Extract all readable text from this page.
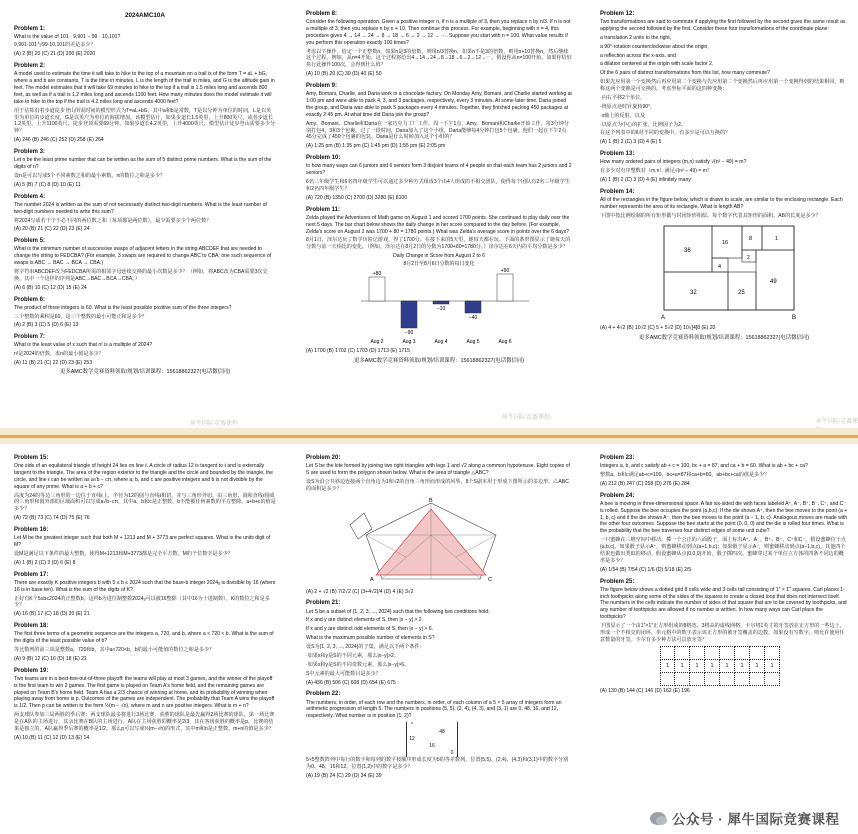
2024AMC10A
Problem 1:

What is the value of 101 · 9,901 − 99 · 10,101?

9,901·101与99·10,101的差是多少？

(A) 2 (B) 20 (C) 21 (D) 200 (E) 2020

Problem 2:

A model used to estimate the time it will take to hike to the top of a mountain on a trail is of the form T = aL + bG, where a and b are constants, T is the time in minutes, L is the length of the trail in miles, and G is the altitude gain in feet. The model estimates that it will take 69 minutes to hike to the top if a trail is 1.5 miles long and ascends 800 feet, as well as if a trail is 1.2 miles long and ascends 1100 feet. How many minutes does the model estimate it will take to hike to the top if the trail is 4.2 miles long and ascends 4000 feet?

用于估算沿着步道徒步登山所需时间的模型形式为T=aL+bG，其中a和b是常数，T是以分钟为单位的时间，L是以英里为单位的步道长度，G是以英尺为单位的海拔增加。该模型估计，如果步道长1.5英里，上升800英尺，或者步道长1.2英里，上升1100英尺，徒步登顶需要69分钟。如果步道长4.2英里，上升4000英尺，模型估计徒步登山需要多少分钟？

(A) 246 (B) 246 (C) 252 (D) 258 (E) 264

Problem 3:

Let n be the least prime number that can be written as the sum of 5 distinct prime numbers. What is the sum of the digits of n?

设n是可以写成5个不同素数之和的最小素数。n的数位之和是多少？

(A) 5 (B) 7 (C) 8 (D) 10 (E) 11

Problem 4:

The number 2024 is written as the sum of not necessarily distinct two-digit numbers. What is the least number of two-digit numbers needed to write this sum?

将2024写成若干个不必不同的两位数之和（每项都是两位数），最少需要多少个两位数？

(A) 20 (B) 21 (C) 22 (D) 23 (E) 24

Problem 5:

What is the minimum number of successive swaps of adjacent letters in the string ABCDEF that are needed to change the string to FEDCBA? (For example, 3 swaps are required to change ABC to CBA; one such sequence of swaps is ABC → BAC → BCA → CBA.)

将字符串ABCDEF改为FEDCBA所需的相邻字母连续交换的最小次数是多少？（例如，将ABC改为CBA需要3次交换，其中一个这样的序列是ABC→BAC→BCA→CBA。）

(A) 6 (B) 10 (C) 12 (D) 15 (E) 24

Problem 6:

The product of three integers is 60. What is the least possible positive sum of the three integers?

三个整数的乘积是60，这三个整数的最小可能正和是多少？

(A) 2 (B) 3 (C) 5 (D) 6 (E) 13

Problem 7:

What is the least value of x such that n! is a multiple of 2024?

n!是2024的倍数，求n的最小值是多少？

(A) 11 (B) 21 (C) 22 (D) 23 (E) 253

更多AMC数学竞赛资料领取/规划/培训课程：15618862327(电话微信同)
犀牛国际竞赛课程
Problem 8:

Consider the following operation. Given a positive integer n, if n is a multiple of 3, then you replace n by n/3. If n is not a multiple of 3, then you replace n by n + 10. Then continue this process. For example, beginning with n = 4, this procedure gives 4 → 14 → 24 → 8 → 18 → 6 → 2 → 12 → ⋯. Suppose you start with n = 100. What value results if you perform this operation exactly 100 times?

考虑以下操作。给定一个正整数n，如果n是3的倍数，则用n/3替换n。如果n不是3的倍数，则用n+10替换n。然后继续这个过程。例如，从n=4开始，这个过程将给出4→14→24→8→18→6→2→12→⋯。假设你从n=100开始。如果你恰好执行此操作100次，会得到什么值？

(A) 10 (B) 20 (C) 30 (D) 40 (E) 50

Problem 9:

Amy, Bomani, Charlie, and Daria work in a chocolate factory. On Monday Amy, Bomani, and Charlie started working at 1:00 pm and were able to pack 4, 3, and 3 packages, respectively, every 3 minutes. At some later time, Daria joined the group, and Daria was able to pack 5 packages every 4 minutes. Together, they finished packing 450 packages at exactly 2:45 pm. At what time did Daria join the group?

Amy、Bomani、Charlie和Daria在一家巧克力工厂工作。周一下午1点，Amy、Bomani和Charlie开始工作，每3分钟分别打包4、3和3个包裹。过了一段时间，Daria加入了这个小组，Daria能够每4分钟打包5个包裹。他们一起在下午2点45分完成了450个包裹的包装。Daria是什么时候加入这个小组的？

(A) 1:25 pm (B) 1:35 pm (C) 1:45 pm (D) 1:55 pm (E) 2:05 pm

Problem 10:

In how many ways can 6 juniors and 6 seniors form 3 disjoint teams of 4 people so that each team has 2 juniors and 2 seniors?

6名三年级学生和6名四年级学生可以通过多少种方式组成3个由4人组成的不相交团队，使得每个团队有2名三年级学生和2名四年级学生？

(A) 720 (B) 1350 (C) 2700 (D) 3280 (E) 8100

Problem 11:

Zelda played the Adventures of Math game on August 1 and scored 1700 points. She continued to play daily over the next 5 days. The bar chart below shows the daily change in her score compared to the day before. (For example, Zelda's score on August 2 was 1700 + 80 = 1780 points.) What was Zelda's average score in points over the 6 days?

8月1日，泽尔达玩了数学历险记游戏，得了1700分。在接下来的5天里，她每天都在玩。下面的条形图显示了她每天的分数与前一天相比的变化。（例如，泽尔达在8月2日的分数为1700+80=1780分。）泽尔达在6天内的平均分数是多少？

Daily Change in Score from August 2 to 6
8月2日至8月6日分数的每日变化
+80
Aug 2
−90
Aug 3
−10
Aug 4
−40
Aug 5
+90
Aug 6
(A) 1700 (B) 1702 (C) 1703 (D) 1713 (E) 1715
更多AMC数学竞赛资料领取/规划/培训课程：15618862327(电话微信同)
犀牛国际竞赛课程
Problem 12:

Two transformations are said to commute if applying the first followed by the second gives the same result as applying the second followed by the first. Consider these four transformations of the coordinate plane:

a translation 2 units to the right,

a 90°-rotation counterclockwise about the origin,

a reflection across the x-axis, and

a dilation centered at the origin with scale factor 2.

Of the 6 pairs of distinct transformations from this list, how many commute?

如果先应用第一个变换然后再应用第二个变换与先应用第二个变换然后再应用第一个变换得到的结果相同，则称这两个变换是可交换的。考虑坐标平面的这四种变换：

·向右平移2个单位，

·绕原点逆时针旋转90°，

·x轴上的反射，以及

·以原点为中心的扩张，比例因子为2。

在这个列表中的6对不同的变换中，有多少是可以互换的？

(A) 1 (B) 2 (C) 3 (D) 4 (E) 5

Problem 13:

How many ordered pairs of integers (m,n) satisfy √(n² − 49) = m?

有多少对有序整数对（m,n）满足√(n² − 49) = m？

(A) 1 (B) 2 (C) 3 (D) 4 (E) infinitely many

Problem 14:

All of the rectangles in the figure below, which is drawn to scale, are similar to the enclosing rectangle. Each number represents the area of its rectangle. What is length AB?

下图中按比例绘制的所有矩形都与封闭矩形相似。每个数字代表其矩形的面积。AB的长度是多少？

36
16
8	1
2
4
49
25
32
A	B
(A) 4 + 4√2 (B) 10√2 (C) 5 + 5√2 (D) 10√[4]8 (E) 20
更多AMC数学竞赛资料领取/规划/培训课程：15618862327(电话微信同)
犀牛国际竞赛课
Problem 15:

One side of an equilateral triangle of height 24 lies on line ℓ. A circle of radius 12 is tangent to ℓ and is externally tangent to the triangle. The area of the region exterior to the triangle and the circle and bounded by the triangle, the circle, and line ℓ can be written as a√b − cπ, where a, b, and c are positive integers and b is not divisible by the square of any prime. What is a + b + c?

高度为24的等边三角形的一边位于直线ℓ上，半径为12的圆与直线ℓ相切，并与三角形外切。由三角形、圆和直线ℓ围成的三角形和圆外部的区域面积可以写成a√b−cπ，其中a、b和c是正整数，b不能被任何素数的平方整除。a+b+c的值是多少？

(A) 72 (B) 73 (C) 74 (D) 75 (E) 76

Problem 16:

Let M be the greatest integer such that both M + 1213 and M + 3773 are perfect squares. What is the units digit of M?

设M是满足以下条件的最大整数，使得M+1213和M+3773都是完全平方数。M的个位数字是多少？

(A) 1 (B) 2 (C) 3 (D) 6 (E) 8

Problem 17:

There are exactly K positive integers b with 5 ≤ b ≤ 2024 such that the base-b integer 2024ᵦ is divisible by 16 (where 16 is in base ten). What is the sum of the digits of K?

正好有K个5≤b≤2024的正整数b，这样b为进位制整数2024ᵦ可以被16整除（其中16为十进制数）。K的数位之和是多少？

(A) 16 (B) 17 (C) 18 (D) 20 (E) 21

Problem 18:

The first three terms of a geometric sequence are the integers a, 720, and b, where a < 720 < b. What is the sum of the digits of the least possible value of b?

等比数列的前三项是整数a，720和b，其中a<720<b，b的最小可能值的数位之和是多少？

(A) 9 (B) 12 (C) 16 (D) 18 (E) 21

Problem 19:

Two teams are in a best-two-out-of-three playoff: the teams will play at most 3 games, and the winner of the playoff is the first team to win 2 games. The first game is played on Team A's home field, and the remaining games are played on Team B's home field. Team A has a 2/3 chance of winning at home, and its probability of winning when playing away from home is p. Outcomes of the games are independent. The probability that Team A wins the playoff is 1/2. Then p can be written in the form ½(m − √n), where m and n are positive integers. What is m + n?

两支球队参加三局两胜的季后赛：两支球队最多将进行3场比赛，获胜的球队是最先赢得2场比赛的球队。第一场比赛是在A队的主场进行，其余比赛在B队的主场进行。A队在主场获胜的概率是2/3，其在客场获胜的概率是p。比赛的结果是独立的。A队赢得季后赛的概率是1/2。那么p可以写成½(m−√n)的形式，其中m和n是正整数。m+n的值是多少？

(A) 10 (B) 11 (C) 12 (D) 13 (E) 14

Problem 20:

Let S be the kite formed by joining two right triangles with legs 1 and √2 along a common hypotenuse. Eight copies of S are used to form the polygon shown below. What is the area of triangle △ABC?

设S为沿公共斜边连接两个直角边为1和√2的直角三角形而形成的风筝。8个S副本用于形成下图所示的多边形。△ABC的面积是多少？

A
B
C

(A) 2 + √2 (B) 7/2√2 (C) (3+4√2)/4 (D) 4 (E) 3√2

Problem 21:

Let S be a subset of {1, 2, 3, ..., 2024} such that the following two conditions hold:

If x and y are distinct elements of S, then |x − y| > 2.

If x and y are distinct odd elements of S, then |x − y| > 6.

What is the maximum possible number of elements in S?

设S为{1, 2, 3, ..., 2024}的子集，满足以下两个条件：

·如果x和y是S的不同元素，那么|x−y|>2。

·如果x和y是S的不同奇数元素，那么|x−y|>6。

S中元素的最大可能数目是多少？

(A) 436 (B) 506 (C) 608 (D) 654 (E) 675

Problem 22:

The numbers, in order, of each row and the numbers, in order, of each column of a 5 × 5 array of integers form an arithmetic progression of length 5. The numbers in positions (5, 5), (2, 4), (4, 3), and (3, 1) are 0, 48, 16, and 12, respectively. What number is in position (1, 2)?

*
48
12
16
0

5×5整数阵列中每行的数字和每列的数字按顺序形成长度为5的等差数列。位置(5,5)、(2,4)、(4,3)和(3,1)中的数字分别为0、48、16和12。位置(1,2)中的数字是多少？

(A) 19 (B) 24 (C) 29 (D) 34 (E) 39

Problem 23:

Integers a, b, and c satisfy ab + c = 100, bc + a = 87, and ca + b = 60. What is ab + bc + ca?

整数a、b和c满足ab+c=100、bc+a=87和ca+b=60。ab+bc+ca的值是多少？

(A) 212 (B) 247 (C) 258 (D) 276 (E) 284

Problem 24:

A bee is moving in three-dimensional space. A fair six-sided die with faces labeled A⁺, A⁻, B⁺, B⁻, C⁺, and C⁻ is rolled. Suppose the bee occupies the point (a,b,c). If the die shows A⁺, then the bee moves to the point (a + 1, b, c) and if the die shows A⁻, then the bee moves to the point (a − 1, b, c). Analogous moves are made with the other four outcomes. Suppose the bee starts at the point (0, 0, 0) and the die is rolled four times. What is the probability that the bee traverses four distinct edges of some unit cube?

一只蜜蜂在三维空间中移动。掷一个公正的六面骰子，面上标有A⁺、A⁻、B⁺、B⁻、C⁺和C⁻。假设蜜蜂位于点(a,b,c)。如果骰子显示A⁺，则蜜蜂移动到点(a+1,b,c)；如果骰子显示A⁻，则蜜蜂移动到点(a−1,b,c)。其他四个结果也做出类似的移动。假设蜜蜂从点(0,0,0)开始，骰子掷四次。蜜蜂穿过某个单位立方体的四条不同边的概率是多少？

(A) 1/54 (B) 7/54 (C) 1/6 (D) 5/18 (E) 2/5

Problem 25:

The figure below shows a dotted grid 8 cells wide and 3 cells tall consisting of 1″ × 1″ squares. Carl places 1-inch toothpicks along some of the sides of the squares to create a closed loop that does not intersect itself. The numbers in the cells indicate the number of sides of that square that are to be covered by toothpicks, and any number of toothpicks are allowed if no number is written. In how many ways can Carl place the toothpicks?

下图显示了一个由1″×1″正方形组成的8格宽、3格高的虚线网格。卡尔将1英寸的牙签放在正方形的一些边上，形成一个不相交的闭环。单元格中的数字表示该正方形的被牙签覆盖的边数，如果没有写数字，则允许使用任意数量的牙签。卡尔有多少种方法可以放牙签？

1	1	1	1	1	1	1	1
(A) 130 (B) 144 (C) 146 (D) 162 (E) 196
公众号 · 犀牛国际竞赛课程
